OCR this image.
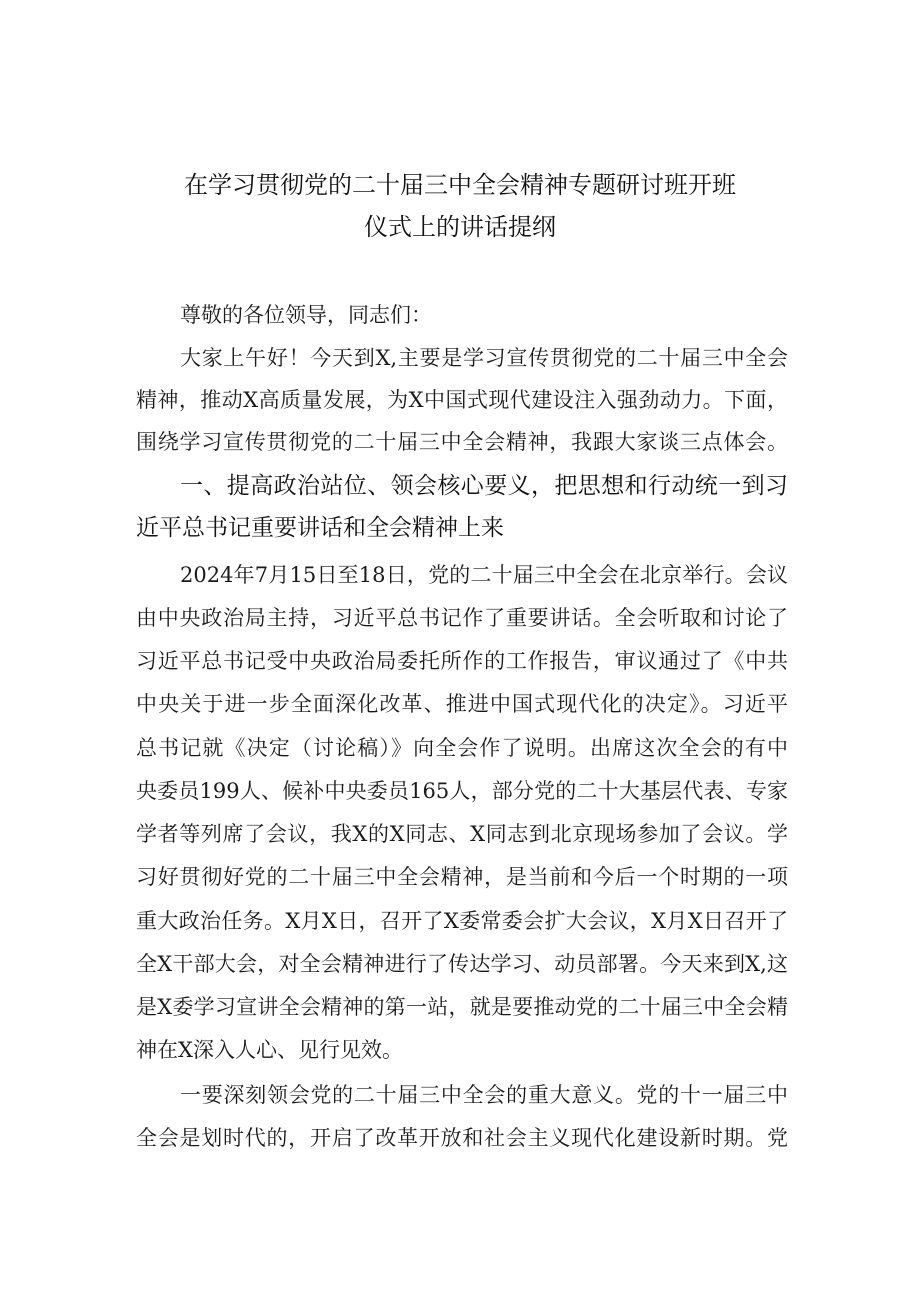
在学习贯彻党的二十届三中全会精神专题研讨班开班
仪式上的讲话提纲
尊敬的各位领导，同志们：
大家上午好！今天到X,主要是学习宣传贯彻党的二十届三中全会
精神，推动X高质量发展，为X中国式现代建设注入强劲动力。下面，
围绕学习宣传贯彻党的二十届三中全会精神，我跟大家谈三点体会。
一、提高政治站位、领会核心要义，把思想和行动统一到习
近平总书记重要讲话和全会精神上来
2024年7月15日至18日，党的二十届三中全会在北京举行。会议
由中央政治局主持，习近平总书记作了重要讲话。全会听取和讨论了
习近平总书记受中央政治局委托所作的工作报告，审议通过了《中共
中央关于进一步全面深化改革、推进中国式现代化的决定》。习近平
总书记就《决定（讨论稿）》向全会作了说明。出席这次全会的有中
央委员199人、候补中央委员165人，部分党的二十大基层代表、专家
学者等列席了会议，我X的X同志、X同志到北京现场参加了会议。学
习好贯彻好党的二十届三中全会精神，是当前和今后一个时期的一项
重大政治任务。X月X日，召开了X委常委会扩大会议，X月X日召开了
全X干部大会，对全会精神进行了传达学习、动员部署。今天来到X,这
是X委学习宣讲全会精神的第一站，就是要推动党的二十届三中全会精
神在X深入人心、见行见效。
一要深刻领会党的二十届三中全会的重大意义。党的十一届三中
全会是划时代的，开启了改革开放和社会主义现代化建设新时期。党
